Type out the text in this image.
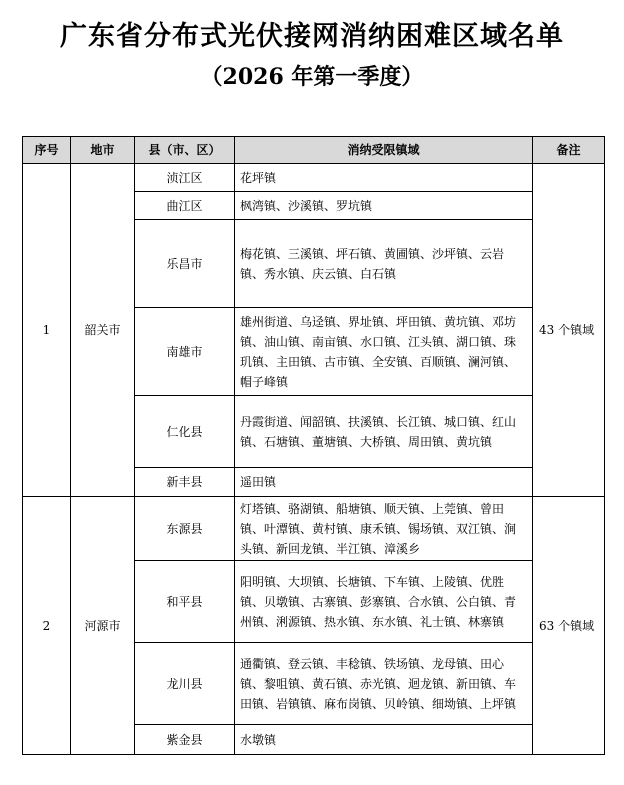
广东省分布式光伏接网消纳困难区域名单
（2026 年第一季度）
序号	地市	县（市、区）	消纳受限镇域	备注
1	韶关市	浈江区	花坪镇	43 个镇域
		曲江区	枫湾镇、沙溪镇、罗坑镇	
		乐昌市	梅花镇、三溪镇、坪石镇、黄圃镇、沙坪镇、云岩镇、秀水镇、庆云镇、白石镇	
		南雄市	雄州街道、乌迳镇、界址镇、坪田镇、黄坑镇、邓坊镇、油山镇、南亩镇、水口镇、江头镇、湖口镇、珠玑镇、主田镇、古市镇、全安镇、百顺镇、澜河镇、帽子峰镇	
		仁化县	丹霞街道、闻韶镇、扶溪镇、长江镇、城口镇、红山镇、石塘镇、董塘镇、大桥镇、周田镇、黄坑镇	
		新丰县	遥田镇	
2	河源市	东源县	灯塔镇、骆湖镇、船塘镇、顺天镇、上莞镇、曾田镇、叶潭镇、黄村镇、康禾镇、锡场镇、双江镇、涧头镇、新回龙镇、半江镇、漳溪乡	63 个镇域
		和平县	阳明镇、大坝镇、长塘镇、下车镇、上陵镇、优胜镇、贝墩镇、古寨镇、彭寨镇、合水镇、公白镇、青州镇、浰源镇、热水镇、东水镇、礼士镇、林寨镇	
		龙川县	通衢镇、登云镇、丰稔镇、铁场镇、龙母镇、田心镇、黎咀镇、黄石镇、赤光镇、迴龙镇、新田镇、车田镇、岩镇镇、麻布岗镇、贝岭镇、细坳镇、上坪镇	
		紫金县	水墩镇	
